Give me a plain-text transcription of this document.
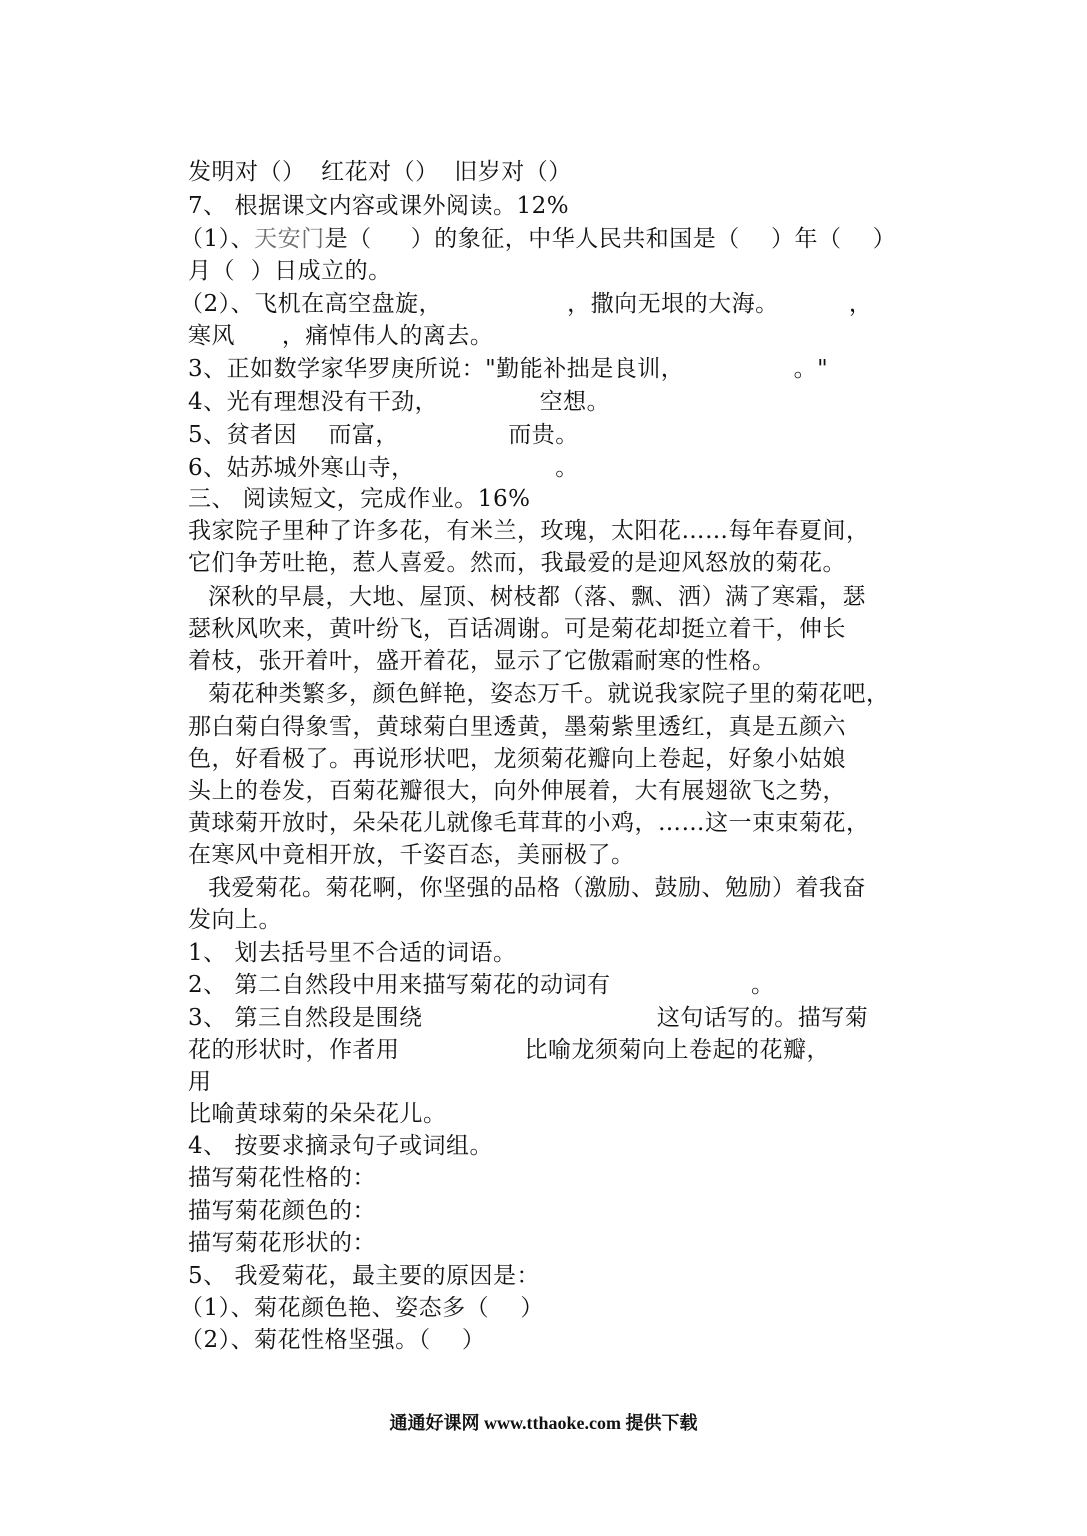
发明对（）  红花对（）  旧岁对（）
7、 根据课文内容或课外阅读。12%
（1）、天安门是（     ）的象征，中华人民共和国是（    ）年（    ）
月（  ）日成立的。
（2）、飞机在高空盘旋，                ，撒向无垠的大海。         ，
寒风      ，痛悼伟人的离去。
3、正如数学家华罗庚所说："勤能补拙是良训，              。"
4、光有理想没有干劲，             空想。
5、贫者因    而富，              而贵。
6、姑苏城外寒山寺，                  。
三、 阅读短文，完成作业。16%
我家院子里种了许多花，有米兰，玫瑰，太阳花……每年春夏间，
它们争芳吐艳，惹人喜爱。然而，我最爱的是迎风怒放的菊花。
深秋的早晨，大地、屋顶、树枝都（落、飘、洒）满了寒霜，瑟
瑟秋风吹来，黄叶纷飞，百话凋谢。可是菊花却挺立着干，伸长
着枝，张开着叶，盛开着花，显示了它傲霜耐寒的性格。
菊花种类繁多，颜色鲜艳，姿态万千。就说我家院子里的菊花吧，
那白菊白得象雪，黄球菊白里透黄，墨菊紫里透红，真是五颜六
色，好看极了。再说形状吧，龙须菊花瓣向上卷起，好象小姑娘
头上的卷发，百菊花瓣很大，向外伸展着，大有展翅欲飞之势，
黄球菊开放时，朵朵花儿就像毛茸茸的小鸡，……这一束束菊花，
在寒风中竟相开放，千姿百态，美丽极了。
我爱菊花。菊花啊，你坚强的品格（激励、鼓励、勉励）着我奋
发向上。
1、 划去括号里不合适的词语。
2、 第二自然段中用来描写菊花的动词有                  。
3、 第三自然段是围绕                              这句话写的。描写菊
花的形状时，作者用                比喻龙须菊向上卷起的花瓣，
用
比喻黄球菊的朵朵花儿。
4、 按要求摘录句子或词组。
描写菊花性格的：
描写菊花颜色的：
描写菊花形状的：
5、 我爱菊花，最主要的原因是：
（1）、菊花颜色艳、姿态多（    ）
（2）、菊花性格坚强。（    ）
通通好课网 www.tthaoke.com 提供下载
